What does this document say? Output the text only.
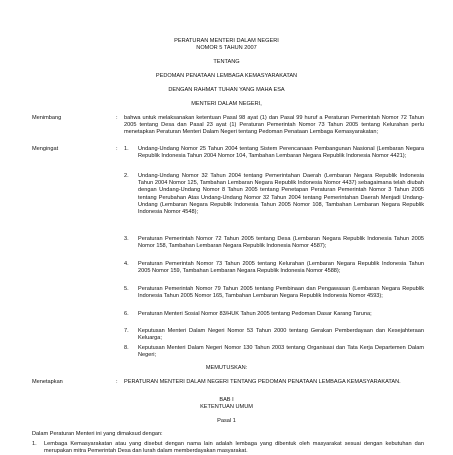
PERATURAN MENTERI DALAM NEGERI
NOMOR 5 TAHUN 2007
TENTANG
PEDOMAN PENATAAN LEMBAGA KEMASYARAKATAN
DENGAN RAHMAT TUHAN YANG MAHA ESA
MENTERI DALAM NEGERI,
Menimbang	:	bahwa untuk melaksanakan ketentuan Pasal 98 ayat (1) dan Pasal 99 huruf a Peraturan Pemerintah Nomor 72 Tahun 2005 tentang Desa dan Pasal 23 ayat (1) Peraturan Pemerintah Nomor 73 Tahun 2005 tentang Kelurahan perlu menetapkan Peraturan Menteri Dalam Negeri tentang Pedoman Penataan Lembaga Kemasyarakatan;
Mengingat	:	1.	Undang-Undang Nomor 25 Tahun 2004 tentang Sistem Perencanaan Pembangunan Nasional (Lembaran Negara Republik Indonesia Tahun 2004 Nomor 104, Tambahan Lembaran Negara Republik Indonesia Nomor 4421);
2.	Undang-Undang Nomor 32 Tahun 2004 tentang Pemerintahan Daerah (Lembaran Negara Republik Indonesia Tahun 2004 Nomor 125, Tambahan Lembaran Negara Republik Indonesia Nomor 4437) sebagaimana telah diubah dengan Undang-Undang Nomor 8 Tahun 2005 tentang Penetapan Peraturan Pemerintah Nomor 3 Tahun 2005 tentang Perubahan Atas Undang-Undang Nomor 32 Tahun 2004 tentang Pemerintahan Daerah Menjadi Undang-Undang (Lembaran Negara Republik Indonesia Tahun 2005 Nomor 108, Tambahan Lembaran Negara Republik Indonesia Nomor 4548);
3.	Peraturan Pemerintah Nomor 72 Tahun 2005 tentang Desa (Lembaran Negara Republik Indonesia Tahun 2005 Nomor 158, Tambahan Lembaran Negara Republik Indonesia Nomor 4587);
4.	Peraturan Pemerintah Nomor 73 Tahun 2005 tentang Kelurahan (Lembaran Negara Republik Indonesia Tahun 2005 Nomor 159, Tambahan Lembaran Negara Republik Indonesia Nomor 4588);
5.	Peraturan Pemerintah Nomor 79 Tahun 2005 tentang Pembinaan dan Pengawasan (Lembaran Negara Republik Indonesia Tahun 2005 Nomor 165, Tambahan Lembaran Negara Republik Indonesia Nomor 4593);
6.	Peraturan Menteri Sosial Nomor 83/HUK Tahun 2005 tentang Pedoman Dasar Karang Taruna;
7.	Keputusan Menteri Dalam Negeri Nomor 53 Tahun 2000 tentang Gerakan Pemberdayaan dan Kesejahteraan Keluarga;
8.	Keputusan Menteri Dalam Negeri Nomor 130 Tahun 2003 tentang Organisasi dan Tata Kerja Departemen Dalam Negeri;
MEMUTUSKAN:
Menetapkan	:	PERATURAN MENTERI DALAM NEGERI TENTANG PEDOMAN PENATAAN LEMBAGA KEMASYARAKATAN.
BAB I
KETENTUAN UMUM
Pasal 1
Dalam Peraturan Menteri ini yang dimaksud dengan:
1.	Lembaga Kemasyarakatan atau yang disebut dengan nama lain adalah lembaga yang dibentuk oleh masyarakat sesuai dengan kebutuhan dan merupakan mitra Pemerintah Desa dan lurah dalam memberdayakan masyarakat.
